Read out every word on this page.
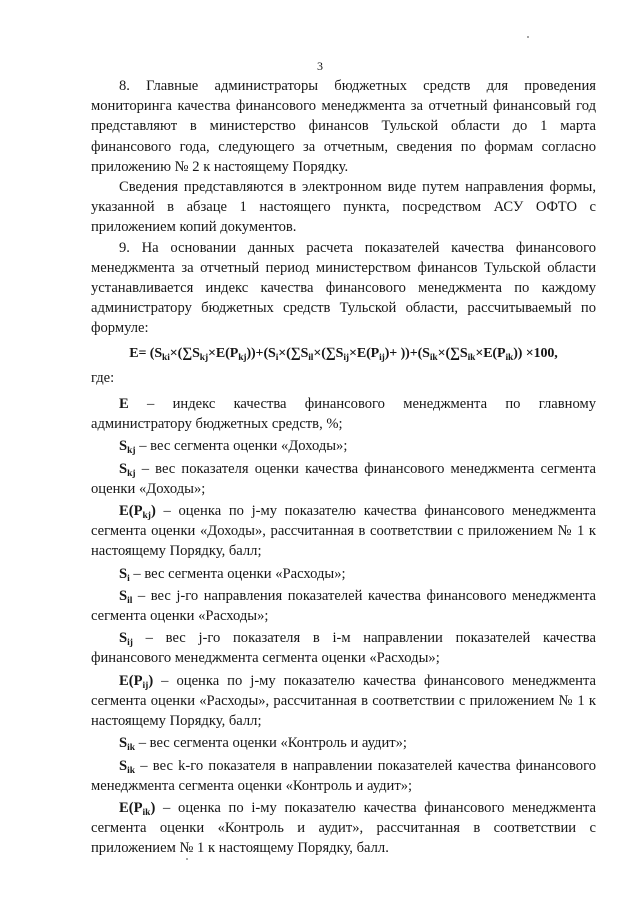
3

8. Главные администраторы бюджетных средств для проведения мониторинга качества финансового менеджмента за отчетный финансовый год представляют в министерство финансов Тульской области до 1 марта финансового года, следующего за отчетным, сведения по формам согласно приложению № 2 к настоящему Порядку.

Сведения представляются в электронном виде путем направления формы, указанной в абзаце 1 настоящего пункта, посредством АСУ ОФТО с приложением копий документов.

9. На основании данных расчета показателей качества финансового менеджмента за отчетный период министерством финансов Тульской области устанавливается индекс качества финансового менеджмента по каждому администратору бюджетных средств Тульской области, рассчитываемый по формуле:

$E= (S_{ki}\times(\sum S_{kj}\times E(P_{kj}))+(S_i\times(\sum S_{il}\times(\sum S_{ij}\times E(P_{ij})+ ))+(S_{ik}\times(\sum S_{ik}\times E(P_{ik})) \times 100$,

где:

E – индекс качества финансового менеджмента по главному администратору бюджетных средств, %;

$S_{kj}$ – вес сегмента оценки «Доходы»;

$S_{kj}$ – вес показателя оценки качества финансового менеджмента сегмента оценки «Доходы»;

$E(P_{kj})$ – оценка по j-му показателю качества финансового менеджмента сегмента оценки «Доходы», рассчитанная в соответствии с приложением № 1 к настоящему Порядку, балл;

$S_i$ – вес сегмента оценки «Расходы»;

$S_{il}$ – вес j-го направления показателей качества финансового менеджмента сегмента оценки «Расходы»;

$S_{ij}$ – вес j-го показателя в i-м направлении показателей качества финансового менеджмента сегмента оценки «Расходы»;

$E(P_{ij})$ – оценка по j-му показателю качества финансового менеджмента сегмента оценки «Расходы», рассчитанная в соответствии с приложением № 1 к настоящему Порядку, балл;

$S_{ik}$ – вес сегмента оценки «Контроль и аудит»;

$S_{ik}$ – вес k-го показателя в направлении показателей качества финансового менеджмента сегмента оценки «Контроль и аудит»;

$E(P_{ik})$ – оценка по i-му показателю качества финансового менеджмента сегмента оценки «Контроль и аудит», рассчитанная в соответствии с приложением № 1 к настоящему Порядку, балл.
